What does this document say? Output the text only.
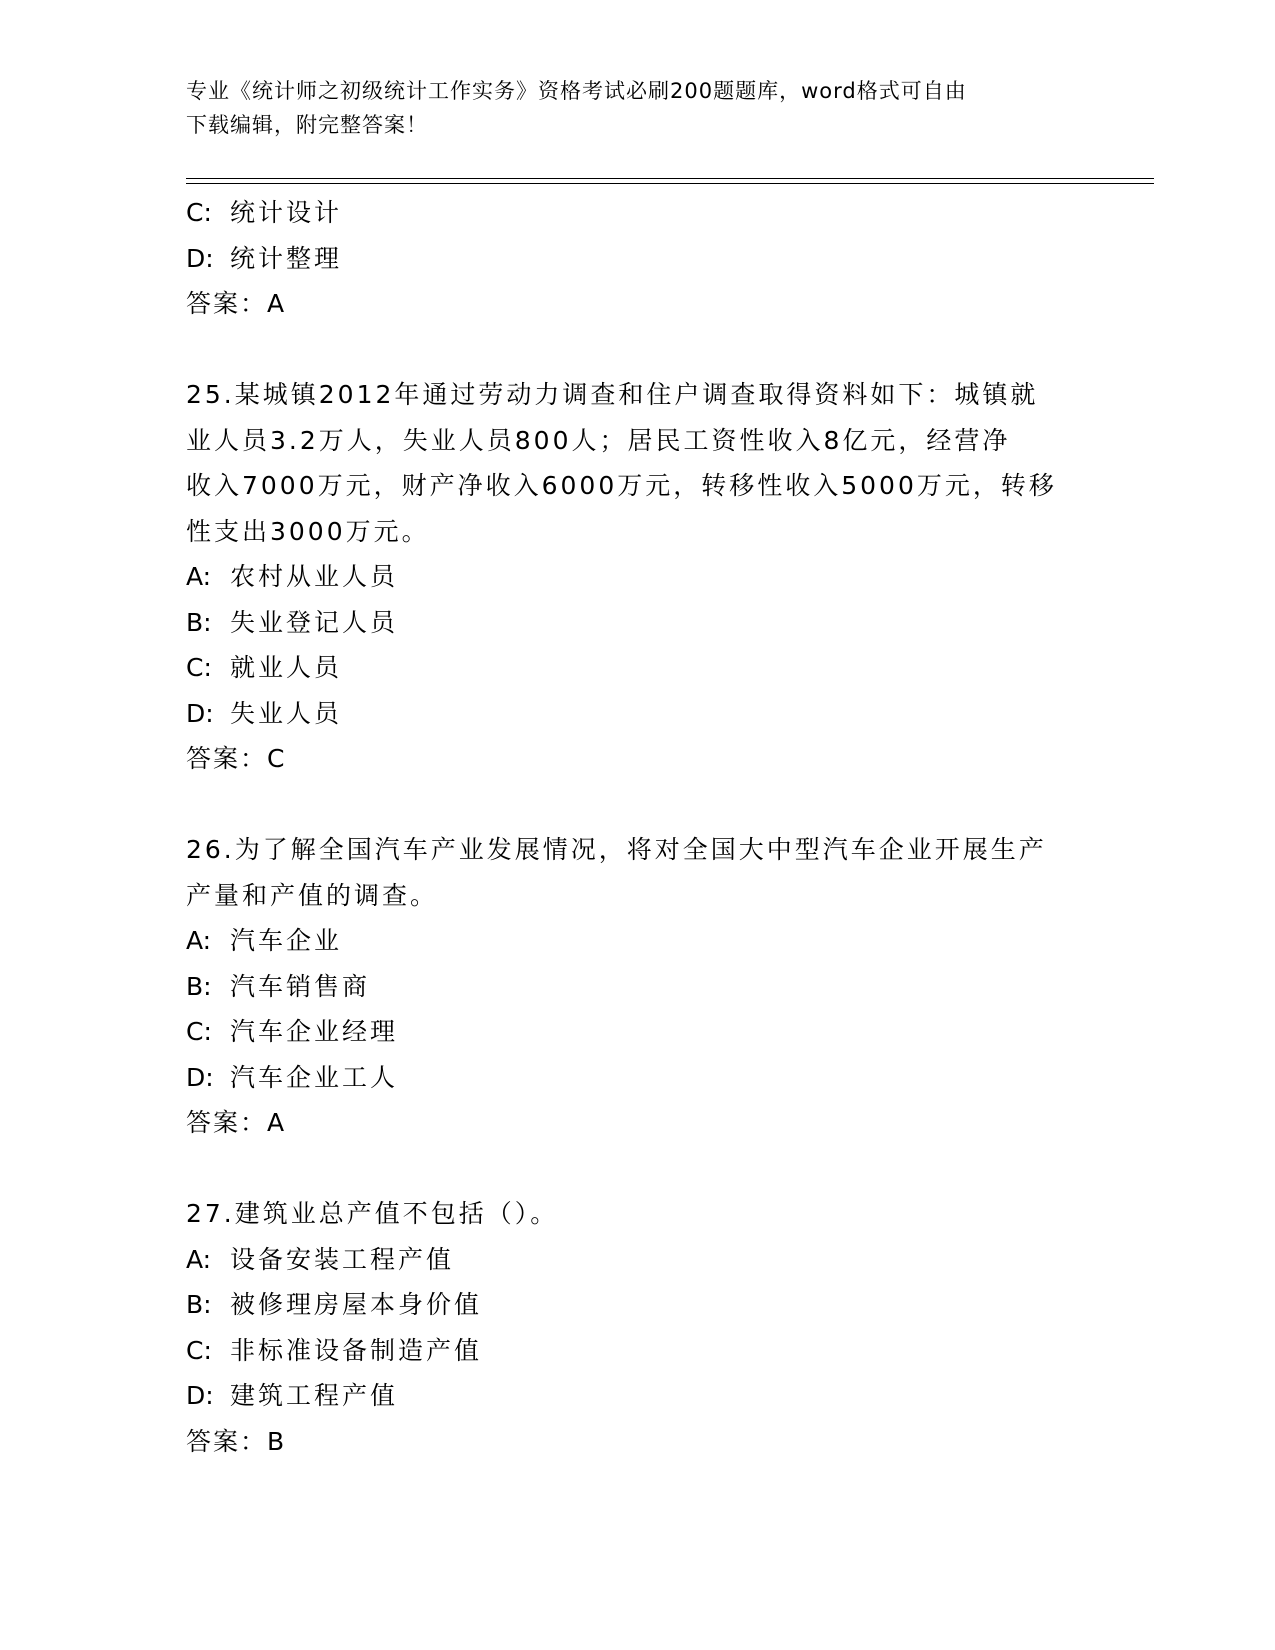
专业《统计师之初级统计工作实务》资格考试必刷200题题库，word格式可自由
下载编辑，附完整答案！
C: 统计设计
D: 统计整理
答案：A
25.某城镇2012年通过劳动力调查和住户调查取得资料如下：城镇就
业人员3.2万人，失业人员800人；居民工资性收入8亿元，经营净
收入7000万元，财产净收入6000万元，转移性收入5000万元，转移
性支出3000万元。
A: 农村从业人员
B: 失业登记人员
C: 就业人员
D: 失业人员
答案：C
26.为了解全国汽车产业发展情况，将对全国大中型汽车企业开展生产
产量和产值的调查。
A: 汽车企业
B: 汽车销售商
C: 汽车企业经理
D: 汽车企业工人
答案：A
27.建筑业总产值不包括（）。
A: 设备安装工程产值
B: 被修理房屋本身价值
C: 非标准设备制造产值
D: 建筑工程产值
答案：B
